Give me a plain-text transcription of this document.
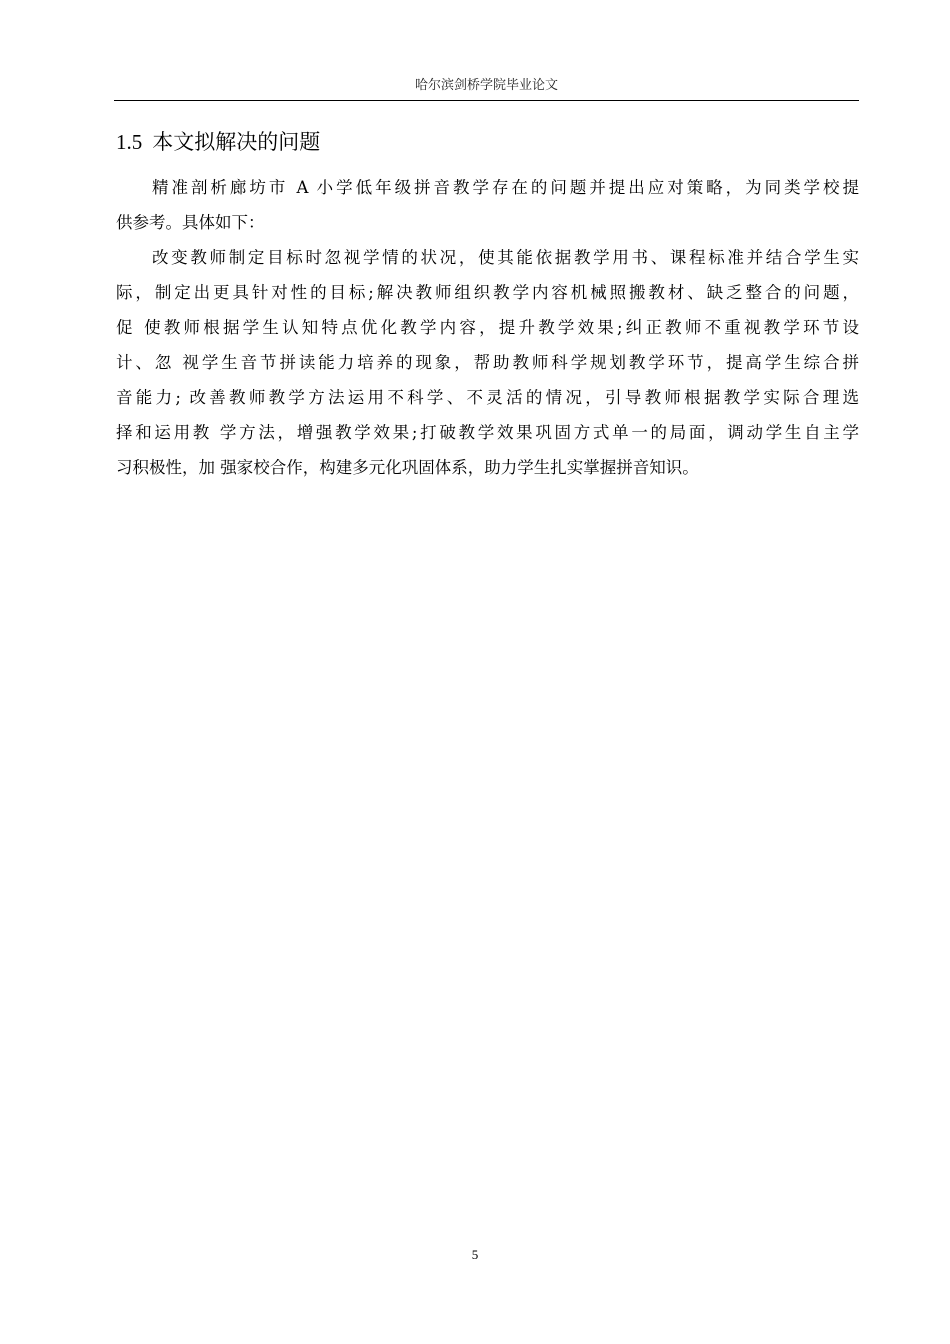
哈尔滨剑桥学院毕业论文
1.5 本文拟解决的问题
精准剖析廊坊市 A 小学低年级拼音教学存在的问题并提出应对策略，为同类学校提
供参考。具体如下：
改变教师制定目标时忽视学情的状况，使其能依据教学用书、课程标准并结合学生实
际，制定出更具针对性的目标;解决教师组织教学内容机械照搬教材、缺乏整合的问题，
促 使教师根据学生认知特点优化教学内容，提升教学效果;纠正教师不重视教学环节设
计、忽 视学生音节拼读能力培养的现象，帮助教师科学规划教学环节，提高学生综合拼
音能力; 改善教师教学方法运用不科学、不灵活的情况，引导教师根据教学实际合理选
择和运用教 学方法，增强教学效果;打破教学效果巩固方式单一的局面，调动学生自主学
习积极性，加 强家校合作，构建多元化巩固体系，助力学生扎实掌握拼音知识。
5
